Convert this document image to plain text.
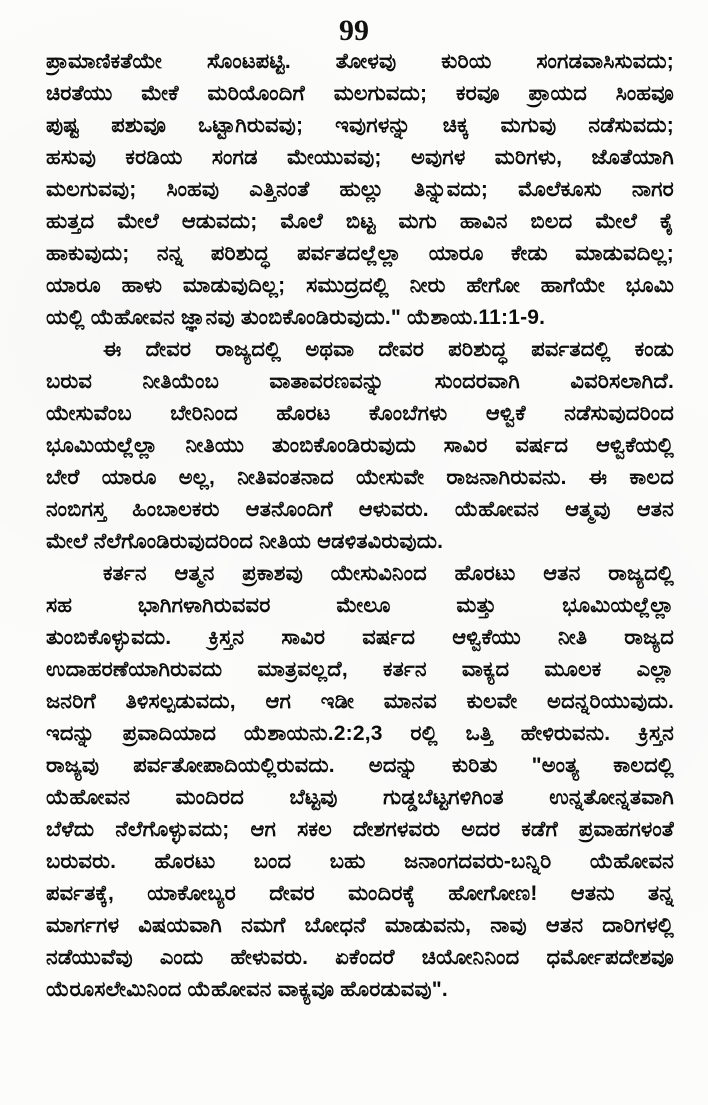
ಪ್ರಾಮಾಣಿಕತೆಯೇ ಸೊಂಟಪಟ್ಟಿ. ತೋಳವು ಕುರಿಯ ಸಂಗಡವಾಸಿಸುವದು;
ಚಿರತೆಯು ಮೇಕೆ ಮರಿಯೊಂದಿಗೆ ಮಲಗುವದು; ಕರವೂ ಪ್ರಾಯದ ಸಿಂಹವೂ
ಪುಷ್ಟ ಪಶುವೂ ಒಟ್ಟಾಗಿರುವವು; ಇವುಗಳನ್ನು ಚಿಕ್ಕ ಮಗುವು ನಡೆಸುವದು;
ಹಸುವು ಕರಡಿಯ ಸಂಗಡ ಮೇಯುವವು; ಅವುಗಳ ಮರಿಗಳು, ಜೊತೆಯಾಗಿ
ಮಲಗುವವು; ಸಿಂಹವು ಎತ್ತಿನಂತೆ ಹುಲ್ಲು ತಿನ್ನುವದು; ಮೊಲೆಕೂಸು ನಾಗರ
ಹುತ್ತದ ಮೇಲೆ ಆಡುವದು; ಮೊಲೆ ಬಿಟ್ಟ ಮಗು ಹಾವಿನ ಬಿಲದ ಮೇಲೆ ಕೈ
ಹಾಕುವುದು; ನನ್ನ ಪರಿಶುದ್ಧ ಪರ್ವತದಲ್ಲೆಲ್ಲಾ ಯಾರೂ ಕೇಡು ಮಾಡುವದಿಲ್ಲ;
ಯಾರೂ ಹಾಳು ಮಾಡುವುದಿಲ್ಲ; ಸಮುದ್ರದಲ್ಲಿ ನೀರು ಹೇಗೋ ಹಾಗೆಯೇ ಭೂಮಿ
ಯಲ್ಲಿ ಯೆಹೋವನ ಜ್ಞಾನವು ತುಂಬಿಕೊಂಡಿರುವುದು." ಯೆಶಾಯ.11:1-9.
ಈ ದೇವರ ರಾಜ್ಯದಲ್ಲಿ ಅಥವಾ ದೇವರ ಪರಿಶುದ್ಧ ಪರ್ವತದಲ್ಲಿ ಕಂಡು
ಬರುವ ನೀತಿಯೆಂಬ ವಾತಾವರಣವನ್ನು ಸುಂದರವಾಗಿ ವಿವರಿಸಲಾಗಿದೆ.
ಯೇಸುವೆಂಬ ಬೇರಿನಿಂದ ಹೊರಟ ಕೊಂಬೆಗಳು ಆಳ್ವಿಕೆ ನಡೆಸುವುದರಿಂದ
ಭೂಮಿಯಲ್ಲೆಲ್ಲಾ ನೀತಿಯು ತುಂಬಿಕೊಂಡಿರುವುದು ಸಾವಿರ ವರ್ಷದ ಆಳ್ವಿಕೆಯಲ್ಲಿ
ಬೇರೆ ಯಾರೂ ಅಲ್ಲ, ನೀತಿವಂತನಾದ ಯೇಸುವೇ ರಾಜನಾಗಿರುವನು. ಈ ಕಾಲದ
ನಂಬಿಗಸ್ತ ಹಿಂಬಾಲಕರು ಆತನೊಂದಿಗೆ ಆಳುವರು. ಯೆಹೋವನ ಆತ್ಮವು ಆತನ
ಮೇಲೆ ನೆಲೆಗೊಂಡಿರುವುದರಿಂದ ನೀತಿಯ ಆಡಳಿತವಿರುವುದು.
ಕರ್ತನ ಆತ್ಮನ ಪ್ರಕಾಶವು ಯೇಸುವಿನಿಂದ ಹೊರಟು ಆತನ ರಾಜ್ಯದಲ್ಲಿ
ಸಹ ಭಾಗಿಗಳಾಗಿರುವವರ ಮೇಲೂ ಮತ್ತು ಭೂಮಿಯಲ್ಲೆಲ್ಲಾ
ತುಂಬಿಕೊಳ್ಳುವದು. ಕ್ರಿಸ್ತನ ಸಾವಿರ ವರ್ಷದ ಆಳ್ವಿಕೆಯು ನೀತಿ ರಾಜ್ಯದ
ಉದಾಹರಣೆಯಾಗಿರುವದು ಮಾತ್ರವಲ್ಲದೆ, ಕರ್ತನ ವಾಕ್ಯದ ಮೂಲಕ ಎಲ್ಲಾ
ಜನರಿಗೆ ತಿಳಿಸಲ್ಪಡುವದು, ಆಗ ಇಡೀ ಮಾನವ ಕುಲವೇ ಅದನ್ನರಿಯುವುದು.
ಇದನ್ನು ಪ್ರವಾದಿಯಾದ ಯೆಶಾಯನು.2:2,3 ರಲ್ಲಿ ಒತ್ತಿ ಹೇಳಿರುವನು. ಕ್ರಿಸ್ತನ
ರಾಜ್ಯವು ಪರ್ವತೋಪಾದಿಯಲ್ಲಿರುವದು. ಅದನ್ನು ಕುರಿತು "ಅಂತ್ಯ ಕಾಲದಲ್ಲಿ
ಯೆಹೋವನ ಮಂದಿರದ ಬೆಟ್ಟವು ಗುಡ್ಡಬೆಟ್ಟಗಳಿಗಿಂತ ಉನ್ನತೋನ್ನತವಾಗಿ
ಬೆಳೆದು ನೆಲೆಗೊಳ್ಳುವದು; ಆಗ ಸಕಲ ದೇಶಗಳವರು ಅದರ ಕಡೆಗೆ ಪ್ರವಾಹಗಳಂತೆ
ಬರುವರು. ಹೊರಟು ಬಂದ ಬಹು ಜನಾಂಗದವರು-ಬನ್ನಿರಿ ಯೆಹೋವನ
ಪರ್ವತಕ್ಕೆ, ಯಾಕೋಬ್ಯರ ದೇವರ ಮಂದಿರಕ್ಕೆ ಹೋಗೋಣ! ಆತನು ತನ್ನ
ಮಾರ್ಗಗಳ ವಿಷಯವಾಗಿ ನಮಗೆ ಬೋಧನೆ ಮಾಡುವನು, ನಾವು ಆತನ ದಾರಿಗಳಲ್ಲಿ
ನಡೆಯುವೆವು ಎಂದು ಹೇಳುವರು. ಏಕೆಂದರೆ ಚಿಯೋನಿನಿಂದ ಧರ್ಮೋಪದೇಶವೂ
ಯೆರೂಸಲೇಮಿನಿಂದ ಯೆಹೋವನ ವಾಕ್ಯವೂ ಹೊರಡುವವು".
99
